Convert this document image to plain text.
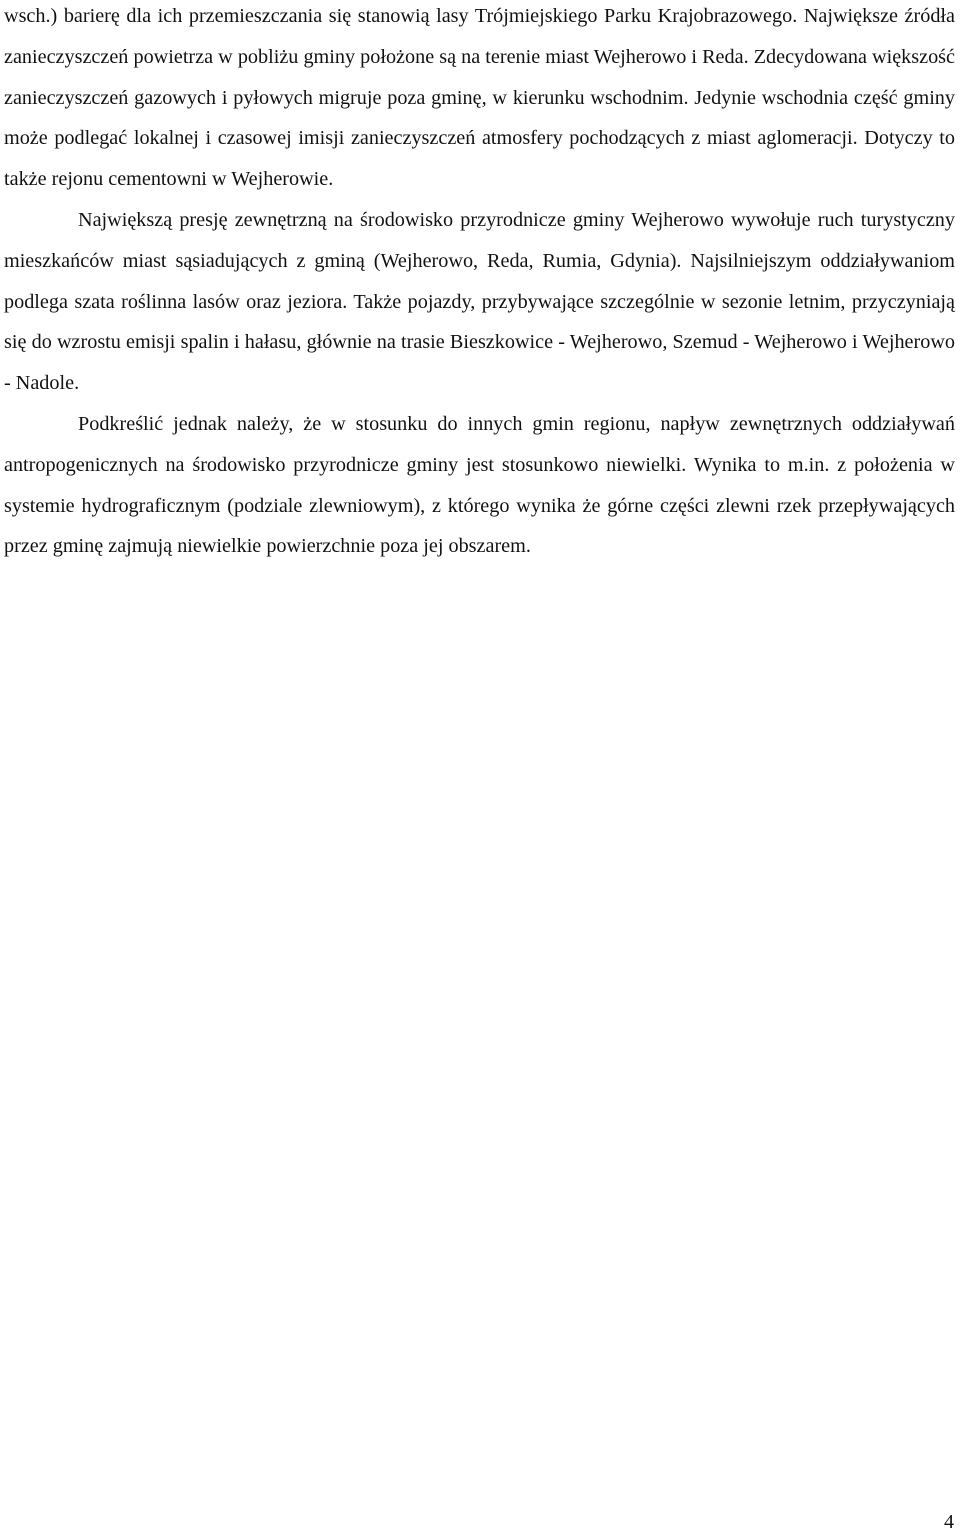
wsch.) barierę dla ich przemieszczania się stanowią lasy Trójmiejskiego Parku Krajobrazowego. Największe źródła zanieczyszczeń powietrza w pobliżu gminy położone są na terenie miast Wejherowo i Reda. Zdecydowana większość zanieczyszczeń gazowych i pyłowych migruje poza gminę, w kierunku wschodnim. Jedynie wschodnia część gminy może podlegać lokalnej i czasowej imisji zanieczyszczeń atmosfery pochodzących z miast aglomeracji. Dotyczy to także rejonu cementowni w Wejherowie.

Największą presję zewnętrzną na środowisko przyrodnicze gminy Wejherowo wywołuje ruch turystyczny mieszkańców miast sąsiadujących z gminą (Wejherowo, Reda, Rumia, Gdynia). Najsilniejszym oddziaływaniom podlega szata roślinna lasów oraz jeziora. Także pojazdy, przybywające szczególnie w sezonie letnim, przyczyniają się do wzrostu emisji spalin i hałasu, głównie na trasie Bieszkowice - Wejherowo, Szemud - Wejherowo i Wejherowo - Nadole.

Podkreślić jednak należy, że w stosunku do innych gmin regionu, napływ zewnętrznych oddziaływań antropogenicznych na środowisko przyrodnicze gminy jest stosunkowo niewielki. Wynika to m.in. z położenia w systemie hydrograficznym (podziale zlewniowym), z którego wynika że górne części zlewni rzek przepływających przez gminę zajmują niewielkie powierzchnie poza jej obszarem.

4
